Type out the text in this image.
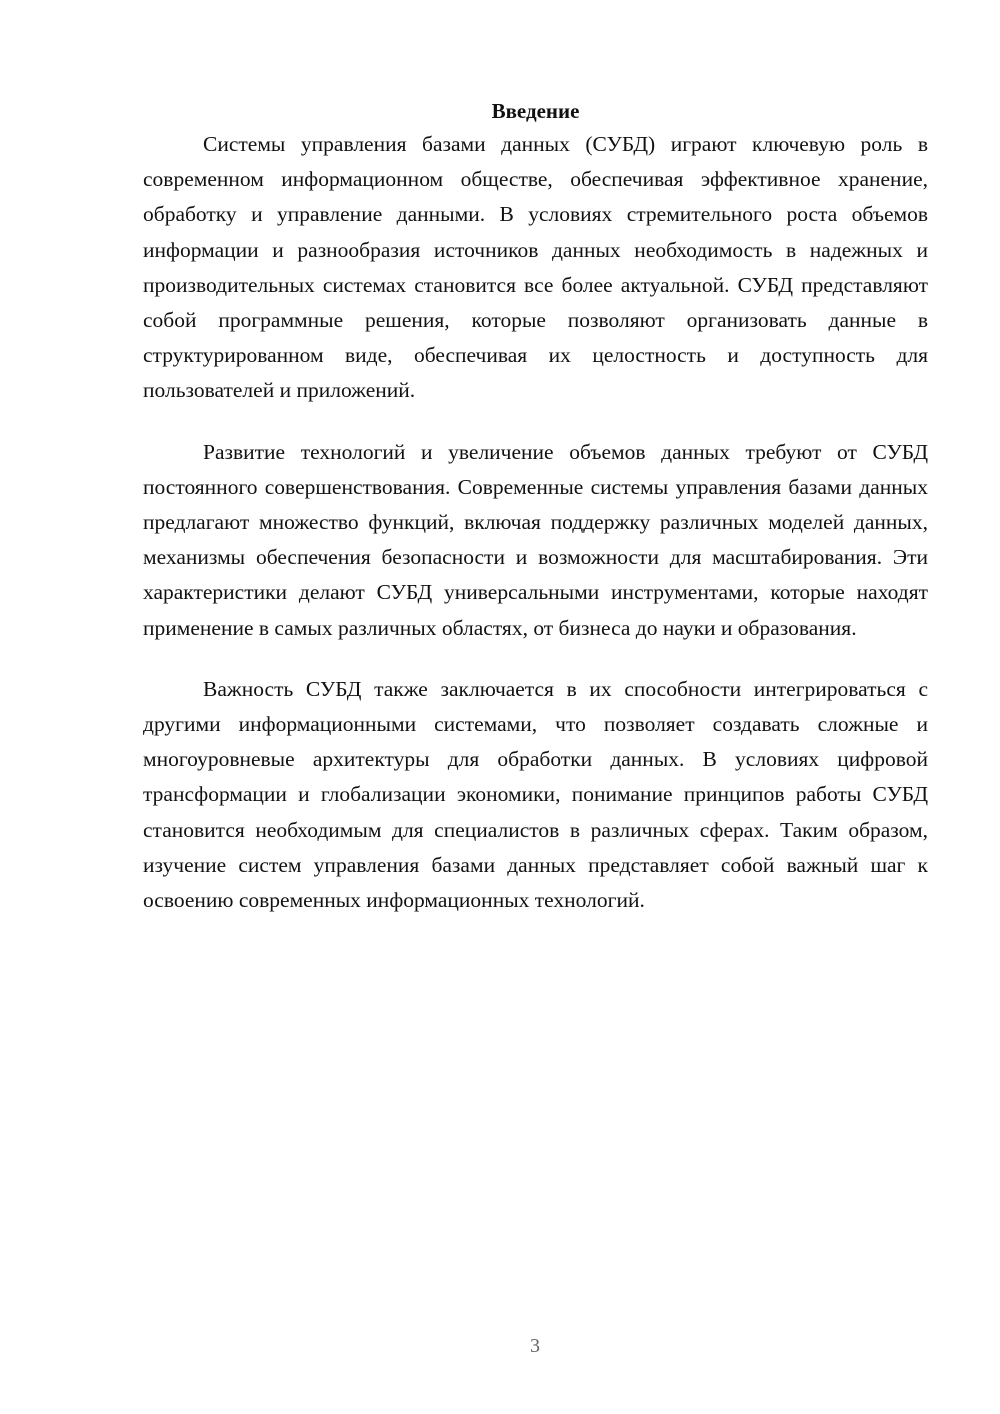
Введение

Системы управления базами данных (СУБД) играют ключевую роль в современном информационном обществе, обеспечивая эффективное хранение, обработку и управление данными. В условиях стремительного роста объемов информации и разнообразия источников данных необходимость в надежных и производительных системах становится все более актуальной. СУБД представляют собой программные решения, которые позволяют организовать данные в структурированном виде, обеспечивая их целостность и доступность для пользователей и приложений.

Развитие технологий и увеличение объемов данных требуют от СУБД постоянного совершенствования. Современные системы управления базами данных предлагают множество функций, включая поддержку различных моделей данных, механизмы обеспечения безопасности и возможности для масштабирования. Эти характеристики делают СУБД универсальными инструментами, которые находят применение в самых различных областях, от бизнеса до науки и образования.

Важность СУБД также заключается в их способности интегрироваться с другими информационными системами, что позволяет создавать сложные и многоуровневые архитектуры для обработки данных. В условиях цифровой трансформации и глобализации экономики, понимание принципов работы СУБД становится необходимым для специалистов в различных сферах. Таким образом, изучение систем управления базами данных представляет собой важный шаг к освоению современных информационных технологий.

3
